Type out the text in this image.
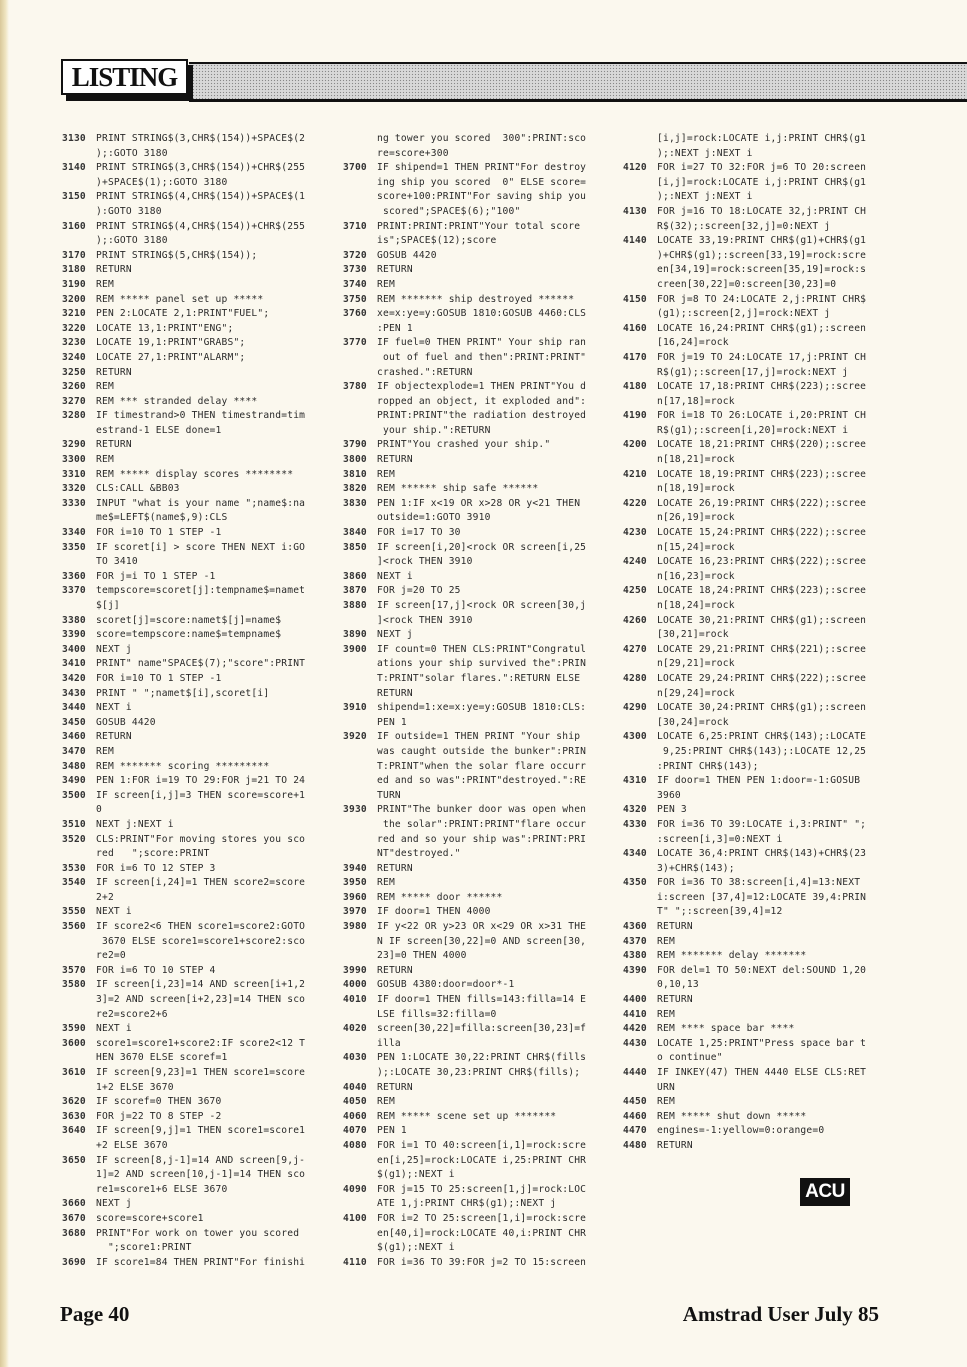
LISTING
3130	PRINT STRING$(3,CHR$(154))+SPACE$(2
);:GOTO 3180
3140	PRINT STRING$(3,CHR$(154))+CHR$(255
)+SPACE$(1);:GOTO 3180
3150	PRINT STRING$(4,CHR$(154))+SPACE$(1
):GOTO 3180
3160	PRINT STRING$(4,CHR$(154))+CHR$(255
);:GOTO 3180
3170	PRINT STRING$(5,CHR$(154));
3180	RETURN
3190	REM
3200	REM ***** panel set up *****
3210	PEN 2:LOCATE 2,1:PRINT"FUEL";
3220	LOCATE 13,1:PRINT"ENG";
3230	LOCATE 19,1:PRINT"GRABS";
3240	LOCATE 27,1:PRINT"ALARM";
3250	RETURN
3260	REM
3270	REM *** stranded delay ****
3280	IF timestrand>0 THEN timestrand=tim
estrand-1 ELSE done=1
3290	RETURN
3300	REM
3310	REM ***** display scores ********
3320	CLS:CALL &BB03
3330	INPUT "what is your name ";name$:na
me$=LEFT$(name$,9):CLS
3340	FOR i=10 TO 1 STEP -1
3350	IF scoret[i] > score THEN NEXT i:GO
TO 3410
3360	FOR j=i TO 1 STEP -1
3370	tempscore=scoret[j]:tempname$=namet
$[j]
3380	scoret[j]=score:namet$[j]=name$
3390	score=tempscore:name$=tempname$
3400	NEXT j
3410	PRINT" name"SPACE$(7);"score":PRINT
3420	FOR i=10 TO 1 STEP -1
3430	PRINT " ";namet$[i],scoret[i]
3440	NEXT i
3450	GOSUB 4420
3460	RETURN
3470	REM
3480	REM ******* scoring *********
3490	PEN 1:FOR i=19 TO 29:FOR j=21 TO 24
3500	IF screen[i,j]=3 THEN score=score+1
0
3510	NEXT j:NEXT i
3520	CLS:PRINT"For moving stores you sco
red   ";score:PRINT
3530	FOR i=6 TO 12 STEP 3
3540	IF screen[i,24]=1 THEN score2=score
2+2
3550	NEXT i
3560	IF score2<6 THEN score1=score2:GOTO
3670 ELSE score1=score1+score2:sco
re2=0
3570	FOR i=6 TO 10 STEP 4
3580	IF screen[i,23]=14 AND screen[i+1,2
3]=2 AND screen[i+2,23]=14 THEN sco
re2=score2+6
3590	NEXT i
3600	score1=score1+score2:IF score2<12 T
HEN 3670 ELSE scoref=1
3610	IF screen[9,23]=1 THEN score1=score
1+2 ELSE 3670
3620	IF scoref=0 THEN 3670
3630	FOR j=22 TO 8 STEP -2
3640	IF screen[9,j]=1 THEN score1=score1
+2 ELSE 3670
3650	IF screen[8,j-1]=14 AND screen[9,j-
1]=2 AND screen[10,j-1]=14 THEN sco
re1=score1+6 ELSE 3670
3660	NEXT j
3670	score=score+score1
3680	PRINT"For work on tower you scored
";score1:PRINT
3690	IF score1=84 THEN PRINT"For finishi
ng tower you scored  300":PRINT:sco
re=score+300
3700	IF shipend=1 THEN PRINT"For destroy
ing ship you scored  0" ELSE score=
score+100:PRINT"For saving ship you
scored";SPACE$(6);"100"
3710	PRINT:PRINT:PRINT"Your total score
is";SPACE$(12);score
3720	GOSUB 4420
3730	RETURN
3740	REM
3750	REM ******* ship destroyed ******
3760	xe=x:ye=y:GOSUB 1810:GOSUB 4460:CLS
:PEN 1
3770	IF fuel=0 THEN PRINT" Your ship ran
out of fuel and then":PRINT:PRINT"
crashed.":RETURN
3780	IF objectexplode=1 THEN PRINT"You d
ropped an object, it exploded and":
PRINT:PRINT"the radiation destroyed
your ship.":RETURN
3790	PRINT"You crashed your ship."
3800	RETURN
3810	REM
3820	REM ****** ship safe ******
3830	PEN 1:IF x<19 OR x>28 OR y<21 THEN
outside=1:GOTO 3910
3840	FOR i=17 TO 30
3850	IF screen[i,20]<rock OR screen[i,25
]<rock THEN 3910
3860	NEXT i
3870	FOR j=20 TO 25
3880	IF screen[17,j]<rock OR screen[30,j
]<rock THEN 3910
3890	NEXT j
3900	IF count=0 THEN CLS:PRINT"Congratul
ations your ship survived the":PRIN
T:PRINT"solar flares.":RETURN ELSE
RETURN
3910	shipend=1:xe=x:ye=y:GOSUB 1810:CLS:
PEN 1
3920	IF outside=1 THEN PRINT "Your ship
was caught outside the bunker":PRIN
T:PRINT"when the solar flare occurr
ed and so was":PRINT"destroyed.":RE
TURN
3930	PRINT"The bunker door was open when
the solar":PRINT:PRINT"flare occur
red and so your ship was":PRINT:PRI
NT"destroyed."
3940	RETURN
3950	REM
3960	REM ***** door ******
3970	IF door=1 THEN 4000
3980	IF y<22 OR y>23 OR x<29 OR x>31 THE
N IF screen[30,22]=0 AND screen[30,
23]=0 THEN 4000
3990	RETURN
4000	GOSUB 4380:door=door*-1
4010	IF door=1 THEN fills=143:filla=14 E
LSE fills=32:filla=0
4020	screen[30,22]=filla:screen[30,23]=f
illa
4030	PEN 1:LOCATE 30,22:PRINT CHR$(fills
);:LOCATE 30,23:PRINT CHR$(fills);
4040	RETURN
4050	REM
4060	REM ***** scene set up *******
4070	PEN 1
4080	FOR i=1 TO 40:screen[i,1]=rock:scre
en[i,25]=rock:LOCATE i,25:PRINT CHR
$(g1);:NEXT i
4090	FOR j=15 TO 25:screen[1,j]=rock:LOC
ATE 1,j:PRINT CHR$(g1);:NEXT j
4100	FOR i=2 TO 25:screen[1,i]=rock:scre
en[40,i]=rock:LOCATE 40,i:PRINT CHR
$(g1);:NEXT i
4110	FOR i=36 TO 39:FOR j=2 TO 15:screen
[i,j]=rock:LOCATE i,j:PRINT CHR$(g1
);:NEXT j:NEXT i
4120	FOR i=27 TO 32:FOR j=6 TO 20:screen
[i,j]=rock:LOCATE i,j:PRINT CHR$(g1
);:NEXT j:NEXT i
4130	FOR j=16 TO 18:LOCATE 32,j:PRINT CH
R$(32);:screen[32,j]=0:NEXT j
4140	LOCATE 33,19:PRINT CHR$(g1)+CHR$(g1
)+CHR$(g1);:screen[33,19]=rock:scre
en[34,19]=rock:screen[35,19]=rock:s
creen[30,22]=0:screen[30,23]=0
4150	FOR j=8 TO 24:LOCATE 2,j:PRINT CHR$
(g1);:screen[2,j]=rock:NEXT j
4160	LOCATE 16,24:PRINT CHR$(g1);:screen
[16,24]=rock
4170	FOR j=19 TO 24:LOCATE 17,j:PRINT CH
R$(g1);:screen[17,j]=rock:NEXT j
4180	LOCATE 17,18:PRINT CHR$(223);:scree
n[17,18]=rock
4190	FOR i=18 TO 26:LOCATE i,20:PRINT CH
R$(g1);:screen[i,20]=rock:NEXT i
4200	LOCATE 18,21:PRINT CHR$(220);:scree
n[18,21]=rock
4210	LOCATE 18,19:PRINT CHR$(223);:scree
n[18,19]=rock
4220	LOCATE 26,19:PRINT CHR$(222);:scree
n[26,19]=rock
4230	LOCATE 15,24:PRINT CHR$(222);:scree
n[15,24]=rock
4240	LOCATE 16,23:PRINT CHR$(222);:scree
n[16,23]=rock
4250	LOCATE 18,24:PRINT CHR$(223);:scree
n[18,24]=rock
4260	LOCATE 30,21:PRINT CHR$(g1);:screen
[30,21]=rock
4270	LOCATE 29,21:PRINT CHR$(221);:scree
n[29,21]=rock
4280	LOCATE 29,24:PRINT CHR$(222);:scree
n[29,24]=rock
4290	LOCATE 30,24:PRINT CHR$(g1);:screen
[30,24]=rock
4300	LOCATE 6,25:PRINT CHR$(143);:LOCATE
9,25:PRINT CHR$(143);:LOCATE 12,25
:PRINT CHR$(143);
4310	IF door=1 THEN PEN 1:door=-1:GOSUB
3960
4320	PEN 3
4330	FOR i=36 TO 39:LOCATE i,3:PRINT" ";
:screen[i,3]=0:NEXT i
4340	LOCATE 36,4:PRINT CHR$(143)+CHR$(23
3)+CHR$(143);
4350	FOR i=36 TO 38:screen[i,4]=13:NEXT
i:screen [37,4]=12:LOCATE 39,4:PRIN
T" ";:screen[39,4]=12
4360	RETURN
4370	REM
4380	REM ******* delay *******
4390	FOR del=1 TO 50:NEXT del:SOUND 1,20
0,10,13
4400	RETURN
4410	REM
4420	REM **** space bar ****
4430	LOCATE 1,25:PRINT"Press space bar t
o continue"
4440	IF INKEY(47) THEN 4440 ELSE CLS:RET
URN
4450	REM
4460	REM ***** shut down *****
4470	engines=-1:yellow=0:orange=0
4480	RETURN
ACU
Page 40	Amstrad User July 85
